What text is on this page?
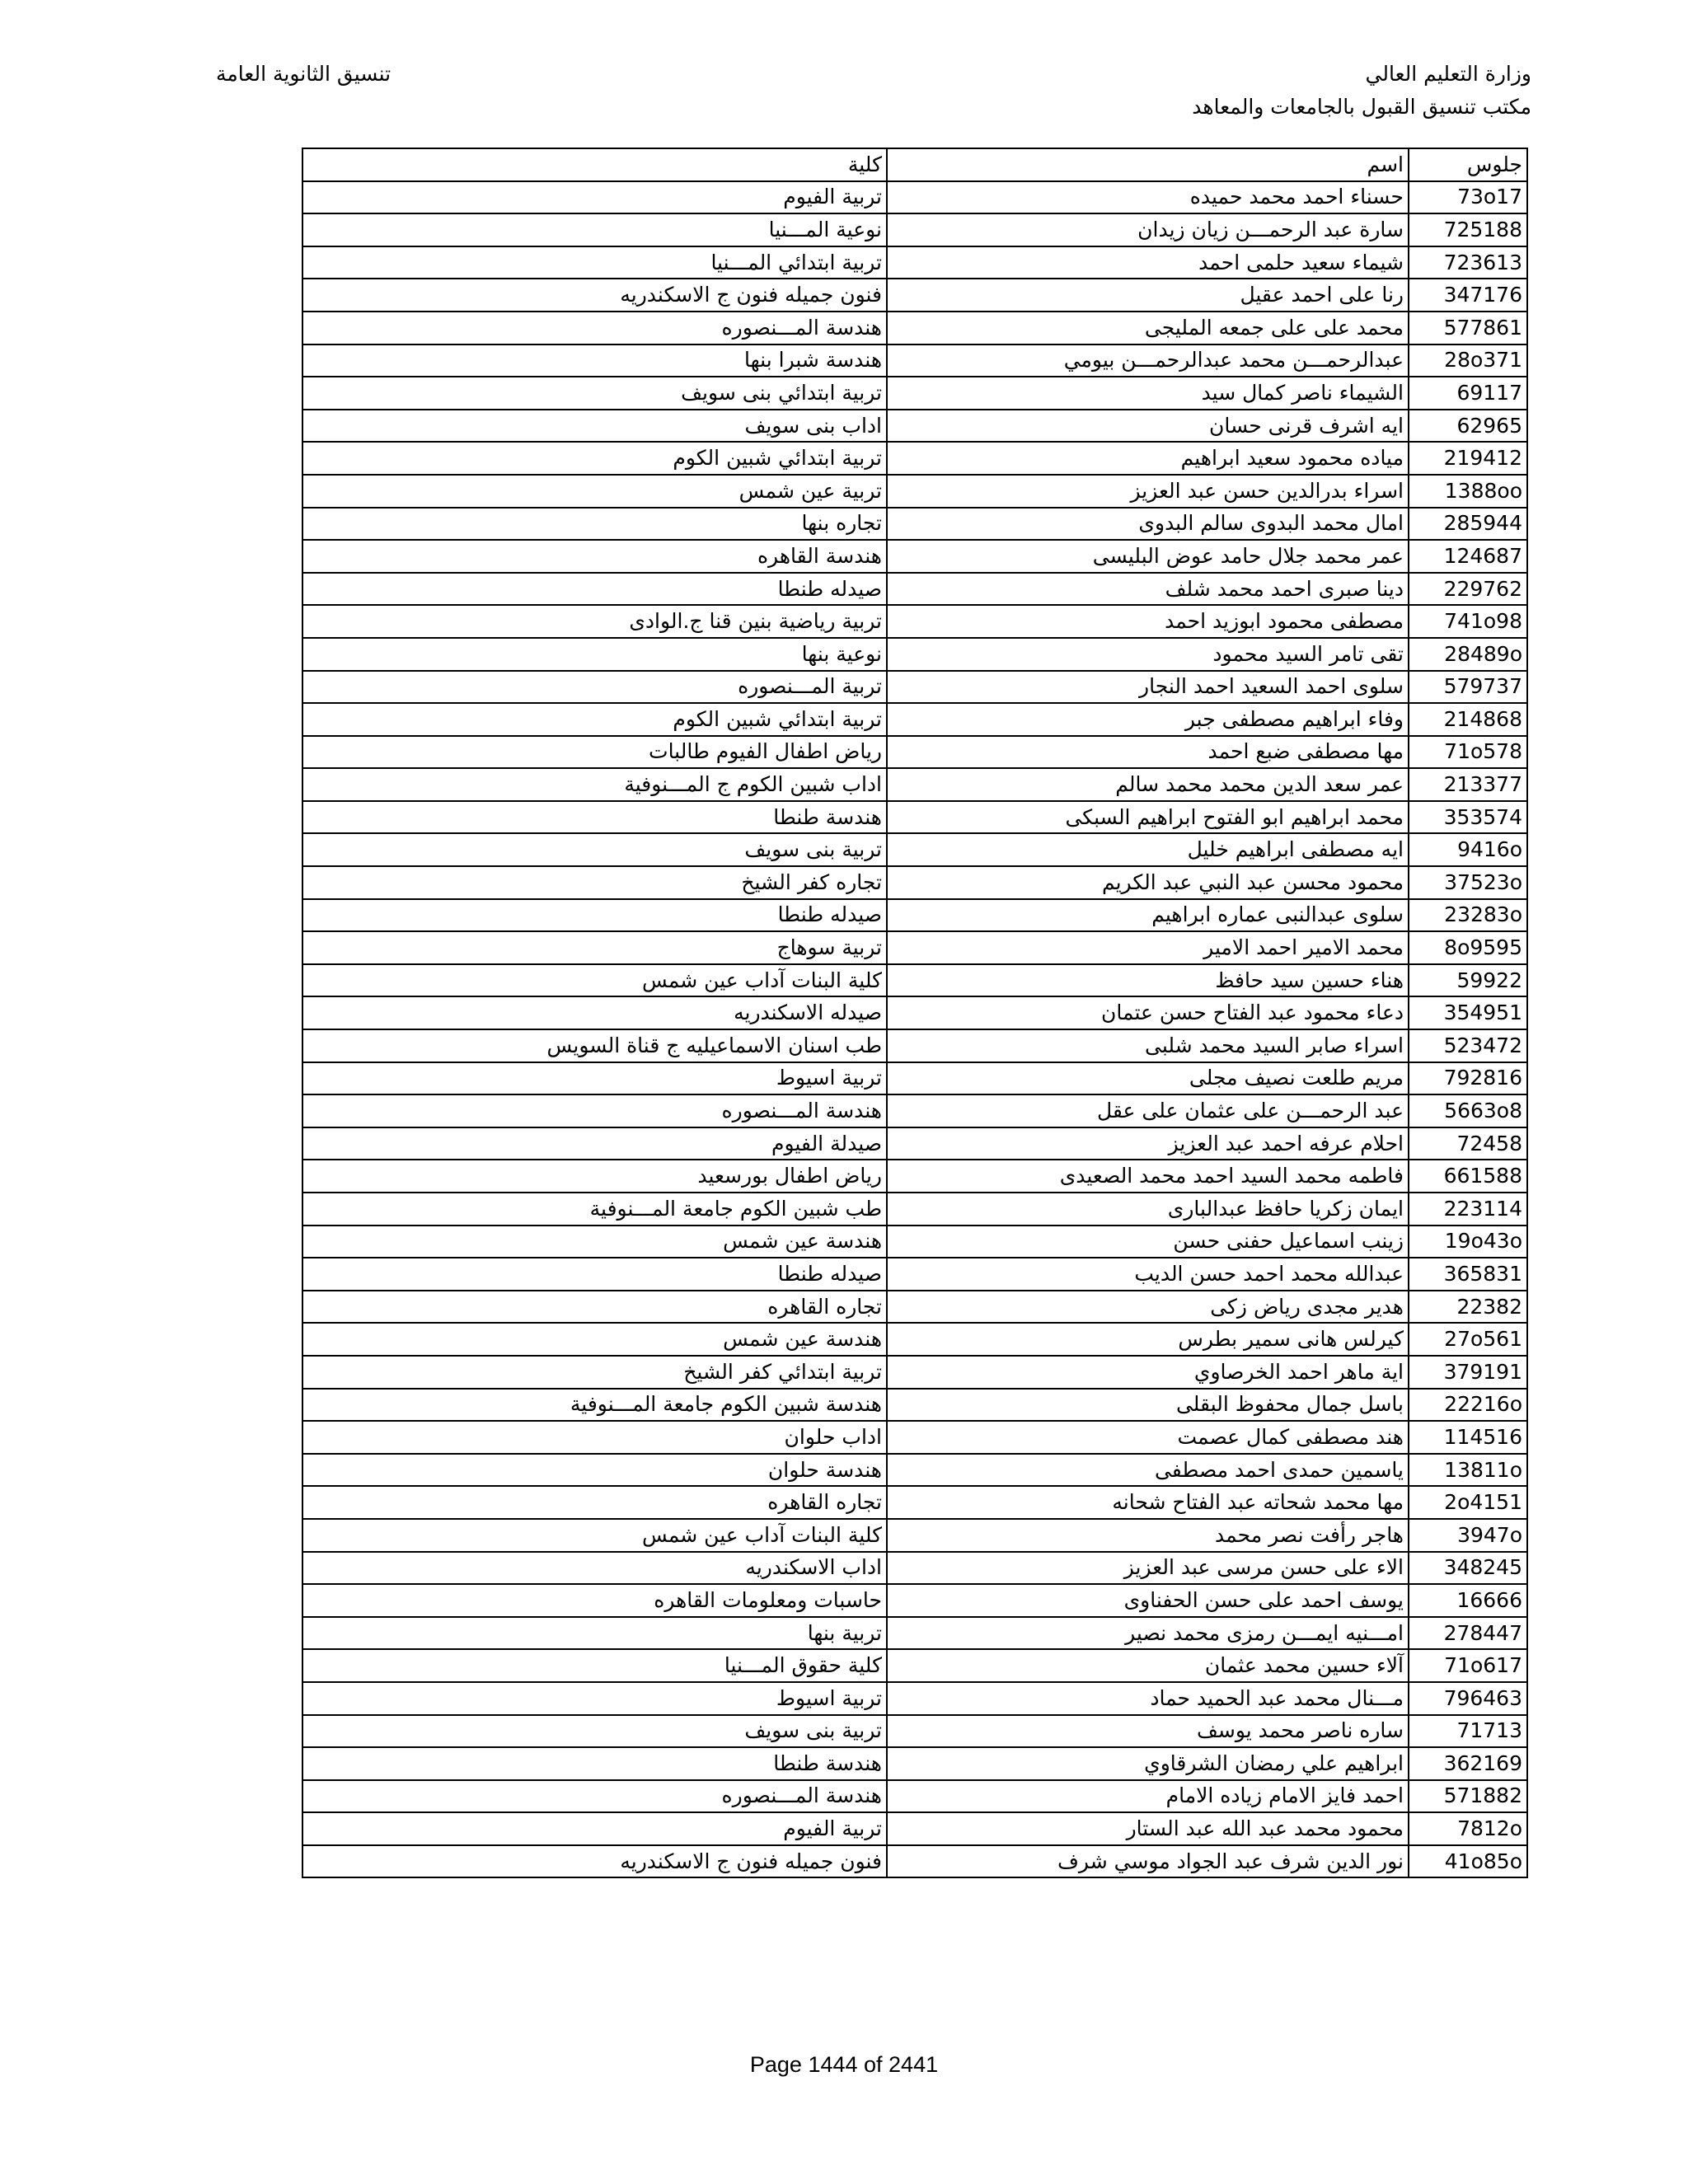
وزارة التعليم العالي
مكتب تنسيق القبول بالجامعات والمعاهد
تنسيق الثانوية العامة
جلوس	اسم	كلية
73o17	حسناء احمد محمد حميده	تربية الفيوم
725188	سارة عبد الرحمـــن زيان زيدان	نوعية المـــنيا
723613	شيماء سعيد حلمى احمد	تربية ابتدائي المـــنيا
347176	رنا على احمد عقيل	فنون جميله فنون ج الاسكندريه
577861	محمد على على جمعه المليجى	هندسة المـــنصوره
28o371	عبدالرحمـــن محمد عبدالرحمـــن بيومي	هندسة شبرا بنها
69117	الشيماء ناصر كمال سيد	تربية ابتدائي بنى سويف
62965	ايه اشرف قرنى حسان	اداب بنى سويف
219412	مياده محمود سعيد ابراهيم	تربية ابتدائي شبين الكوم
1388oo	اسراء بدرالدين حسن عبد العزيز	تربية عين شمس
285944	امال محمد البدوى سالم البدوى	تجاره بنها
124687	عمر محمد جلال حامد عوض البليسى	هندسة القاهره
229762	دينا صبرى احمد محمد شلف	صيدله طنطا
741o98	مصطفى محمود ابوزيد احمد	تربية رياضية بنين قنا ج.الوادى
28489o	تقى تامر السيد محمود	نوعية بنها
579737	سلوى احمد السعيد احمد النجار	تربية المـــنصوره
214868	وفاء ابراهيم مصطفى جبر	تربية ابتدائي شبين الكوم
71o578	مها مصطفى ضبع احمد	رياض اطفال الفيوم طالبات
213377	عمر سعد الدين محمد محمد سالم	اداب شبين الكوم ج المـــنوفية
353574	محمد ابراهيم ابو الفتوح ابراهيم السبكى	هندسة طنطا
9416o	ايه مصطفى ابراهيم خليل	تربية بنى سويف
37523o	محمود محسن عبد النبي عبد الكريم	تجاره كفر الشيخ
23283o	سلوى عبدالنبى عماره ابراهيم	صيدله طنطا
8o9595	محمد الامير احمد الامير	تربية سوهاج
59922	هناء حسين سيد حافظ	كلية البنات آداب عين شمس
354951	دعاء محمود عبد الفتاح حسن عتمان	صيدله الاسكندريه
523472	اسراء صابر السيد محمد شلبى	طب اسنان الاسماعيليه ج قناة السويس
792816	مريم طلعت نصيف مجلى	تربية اسيوط
5663o8	عبد الرحمـــن على عثمان على عقل	هندسة المـــنصوره
72458	احلام عرفه احمد عبد العزيز	صيدلة الفيوم
661588	فاطمه محمد السيد احمد محمد الصعيدى	رياض اطفال بورسعيد
223114	ايمان زكريا حافظ عبدالبارى	طب شبين الكوم جامعة المـــنوفية
19o43o	زينب اسماعيل حفنى حسن	هندسة عين شمس
365831	عبدالله محمد احمد حسن الديب	صيدله طنطا
22382	هدير مجدى رياض زكى	تجاره القاهره
27o561	كيرلس هانى سمير بطرس	هندسة عين شمس
379191	اية ماهر احمد الخرصاوي	تربية ابتدائي كفر الشيخ
22216o	باسل جمال محفوظ البقلى	هندسة شبين الكوم جامعة المـــنوفية
114516	هند مصطفى كمال عصمت	اداب حلوان
13811o	ياسمين حمدى احمد مصطفى	هندسة حلوان
2o4151	مها محمد شحاته عبد الفتاح شحانه	تجاره القاهره
3947o	هاجر رأفت نصر محمد	كلية البنات آداب عين شمس
348245	الاء على حسن مرسى عبد العزيز	اداب الاسكندريه
16666	يوسف احمد على حسن الحفناوى	حاسبات ومعلومات القاهره
278447	امـــنيه ايمـــن رمزى محمد نصير	تربية بنها
71o617	آلاء حسين محمد عثمان	كلية حقوق المـــنيا
796463	مـــنال محمد عبد الحميد حماد	تربية اسيوط
71713	ساره ناصر محمد يوسف	تربية بنى سويف
362169	ابراهيم علي رمضان الشرقاوي	هندسة طنطا
571882	احمد فايز الامام زياده الامام	هندسة المـــنصوره
7812o	محمود محمد عبد الله عبد الستار	تربية الفيوم
41o85o	نور الدين شرف عبد الجواد موسي شرف	فنون جميله فنون ج الاسكندريه
Page 1444 of 2441
